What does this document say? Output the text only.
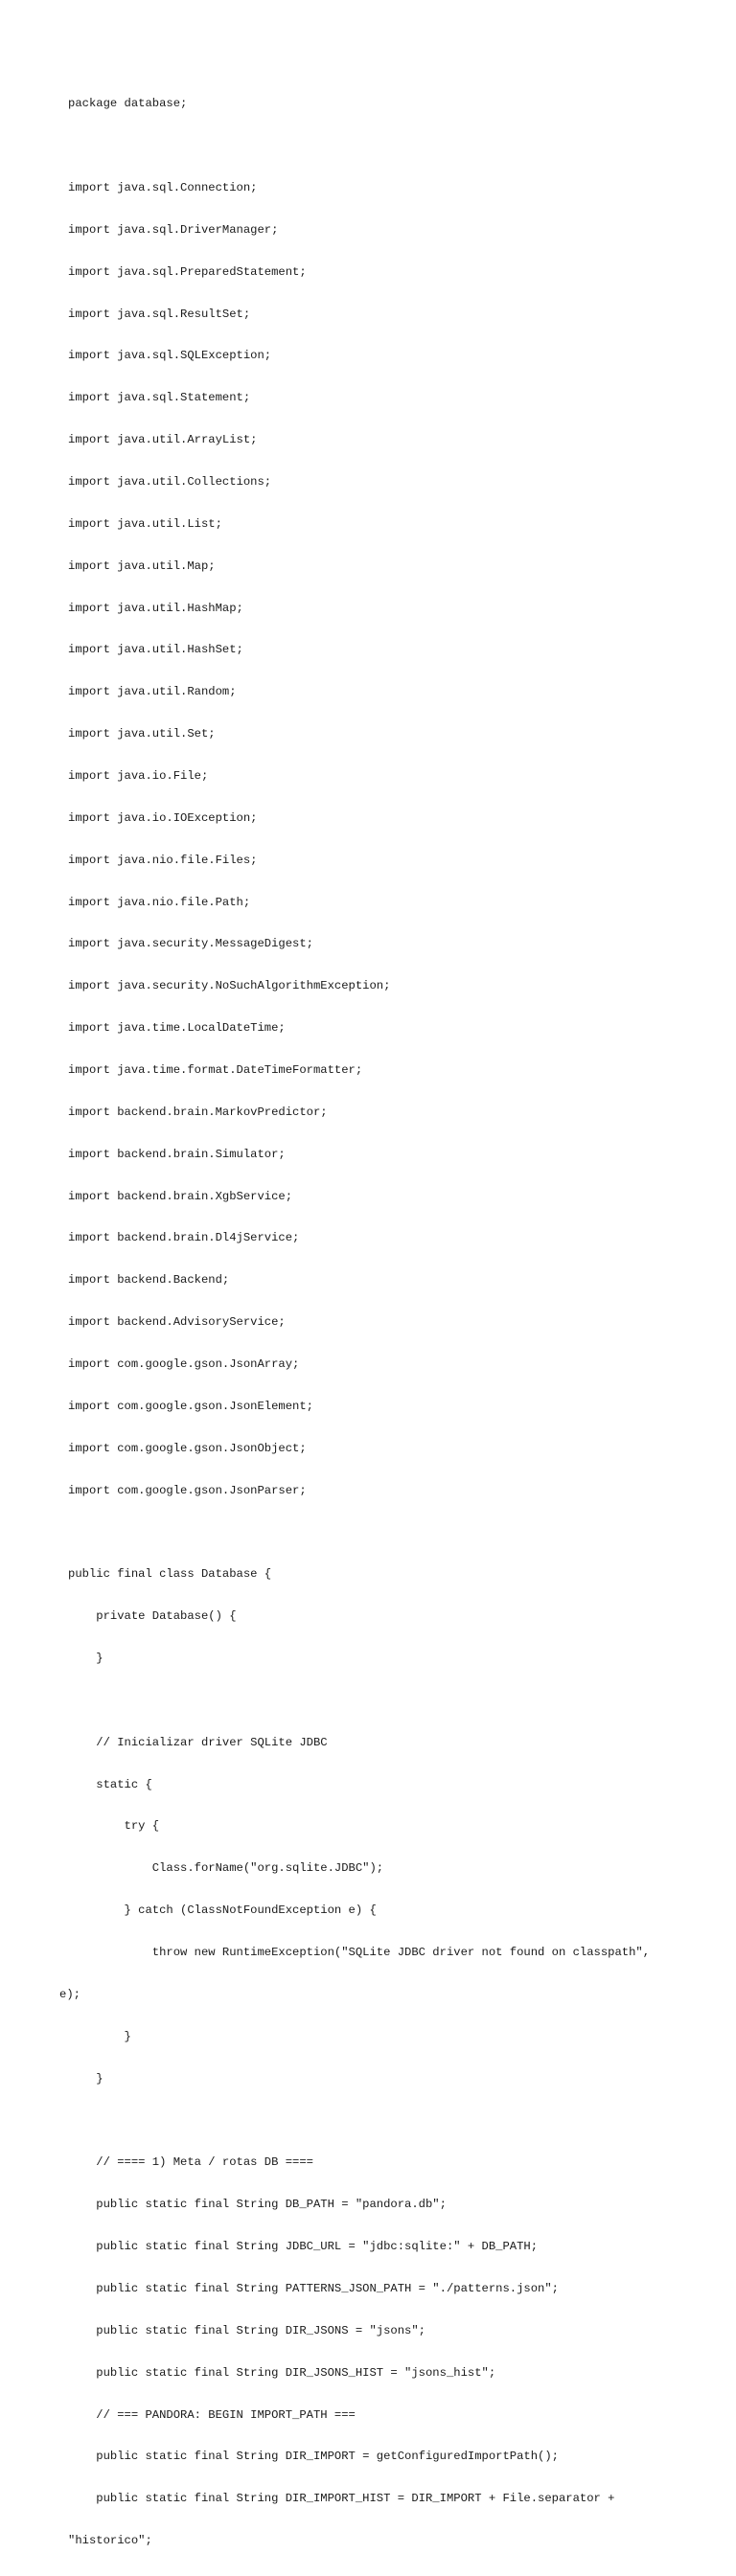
package database;

import java.sql.Connection;

import java.sql.DriverManager;

import java.sql.PreparedStatement;

import java.sql.ResultSet;

import java.sql.SQLException;

import java.sql.Statement;

import java.util.ArrayList;

import java.util.Collections;

import java.util.List;

import java.util.Map;

import java.util.HashMap;

import java.util.HashSet;

import java.util.Random;

import java.util.Set;

import java.io.File;

import java.io.IOException;

import java.nio.file.Files;

import java.nio.file.Path;

import java.security.MessageDigest;

import java.security.NoSuchAlgorithmException;

import java.time.LocalDateTime;

import java.time.format.DateTimeFormatter;

import backend.brain.MarkovPredictor;

import backend.brain.Simulator;

import backend.brain.XgbService;

import backend.brain.Dl4jService;

import backend.Backend;

import backend.AdvisoryService;

import com.google.gson.JsonArray;

import com.google.gson.JsonElement;

import com.google.gson.JsonObject;

import com.google.gson.JsonParser;

public final class Database {

private Database() {

}

// Inicializar driver SQLite JDBC

static {

try {

Class.forName("org.sqlite.JDBC");

} catch (ClassNotFoundException e) {

throw new RuntimeException("SQLite JDBC driver not found on classpath",

e);

}

}

// ==== 1) Meta / rotas DB ====

public static final String DB_PATH = "pandora.db";

public static final String JDBC_URL = "jdbc:sqlite:" + DB_PATH;

public static final String PATTERNS_JSON_PATH = "./patterns.json";

public static final String DIR_JSONS = "jsons";

public static final String DIR_JSONS_HIST = "jsons_hist";

// === PANDORA: BEGIN IMPORT_PATH ===

public static final String DIR_IMPORT = getConfiguredImportPath();

public static final String DIR_IMPORT_HIST = DIR_IMPORT + File.separator +

"historico";
